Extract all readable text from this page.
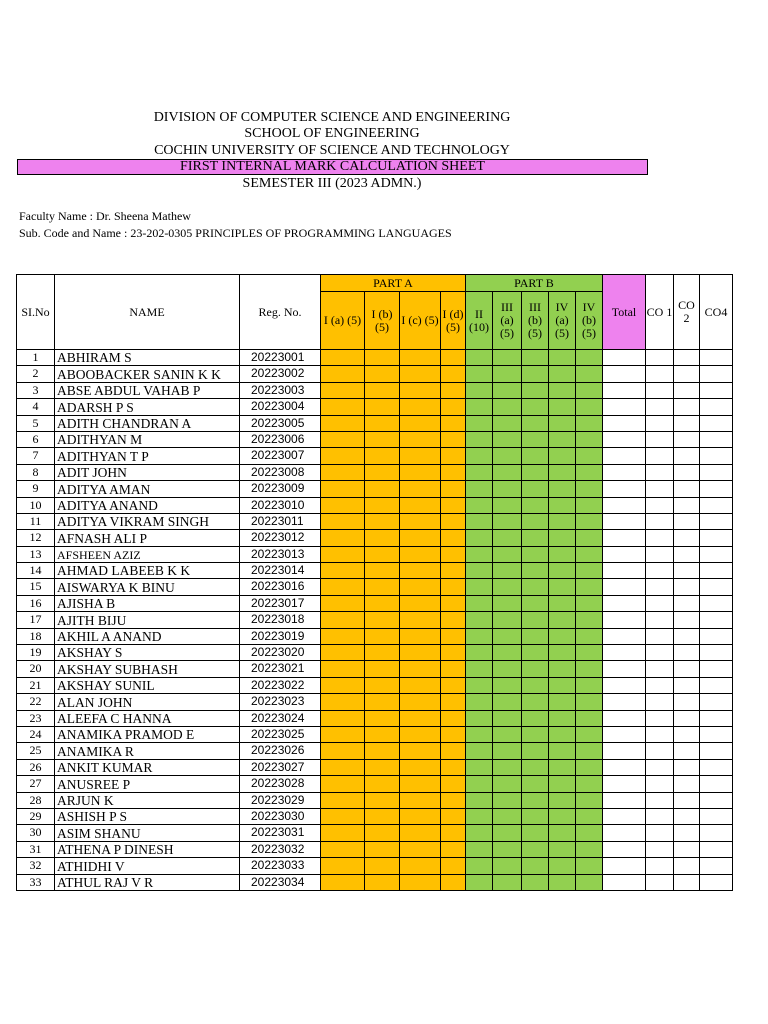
DIVISION OF COMPUTER SCIENCE AND ENGINEERING
SCHOOL OF ENGINEERING
COCHIN UNIVERSITY OF SCIENCE AND TECHNOLOGY
FIRST INTERNAL MARK CALCULATION SHEET
SEMESTER III (2023 ADMN.)
Faculty Name : Dr. Sheena Mathew
Sub. Code and Name : 23-202-0305 PRINCIPLES OF PROGRAMMING LANGUAGES
SI.No	NAME	Reg. No.	PART A				PART B					Total	CO 1	CO 2	CO4
			I (a) (5)	I (b) (5)	I (c) (5)	I (d) (5)	II (10)	III (a) (5)	III (b) (5)	IV (a) (5)	IV (b) (5)				
1	ABHIRAM S	20223001													
2	ABOOBACKER SANIN K K	20223002													
3	ABSE ABDUL VAHAB P	20223003													
4	ADARSH P S	20223004													
5	ADITH CHANDRAN A	20223005													
6	ADITHYAN M	20223006													
7	ADITHYAN T P	20223007													
8	ADIT JOHN	20223008													
9	ADITYA AMAN	20223009													
10	ADITYA ANAND	20223010													
11	ADITYA VIKRAM SINGH	20223011													
12	AFNASH ALI P	20223012													
13	AFSHEEN AZIZ	20223013													
14	AHMAD LABEEB K K	20223014													
15	AISWARYA K BINU	20223016													
16	AJISHA B	20223017													
17	AJITH BIJU	20223018													
18	AKHIL A ANAND	20223019													
19	AKSHAY S	20223020													
20	AKSHAY SUBHASH	20223021													
21	AKSHAY SUNIL	20223022													
22	ALAN JOHN	20223023													
23	ALEEFA C HANNA	20223024													
24	ANAMIKA PRAMOD E	20223025													
25	ANAMIKA R	20223026													
26	ANKIT KUMAR	20223027													
27	ANUSREE P	20223028													
28	ARJUN K	20223029													
29	ASHISH P S	20223030													
30	ASIM SHANU	20223031													
31	ATHENA P DINESH	20223032													
32	ATHIDHI V	20223033													
33	ATHUL RAJ V R	20223034													
